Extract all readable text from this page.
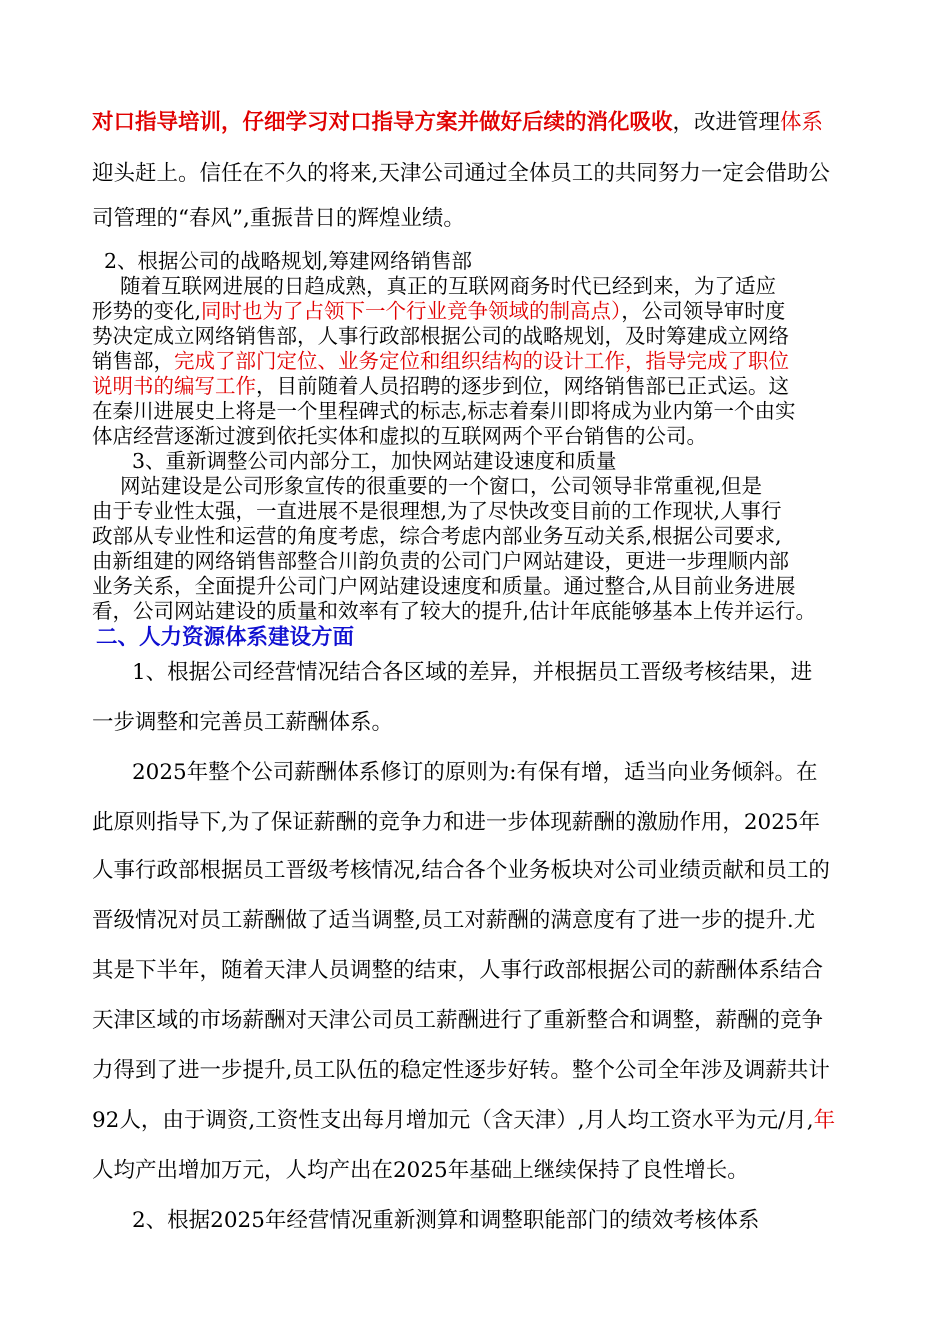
对口指导培训，仔细学习对口指导方案并做好后续的消化吸收，改进管理体系
迎头赶上。信任在不久的将来,天津公司通过全体员工的共同努力一定会借助公
司管理的“春风”,重振昔日的辉煌业绩。
2、根据公司的战略规划,筹建网络销售部
随着互联网进展的日趋成熟，真正的互联网商务时代已经到来，为了适应
形势的变化,同时也为了占领下一个行业竞争领域的制高点），公司领导审时度
势决定成立网络销售部，人事行政部根据公司的战略规划，及时筹建成立网络
销售部，完成了部门定位、业务定位和组织结构的设计工作，指导完成了职位
说明书的编写工作，目前随着人员招聘的逐步到位，网络销售部已正式运。这
在秦川进展史上将是一个里程碑式的标志,标志着秦川即将成为业内第一个由实
体店经营逐渐过渡到依托实体和虚拟的互联网两个平台销售的公司。
3、重新调整公司内部分工，加快网站建设速度和质量
网站建设是公司形象宣传的很重要的一个窗口，公司领导非常重视,但是
由于专业性太强，一直进展不是很理想,为了尽快改变目前的工作现状,人事行
政部从专业性和运营的角度考虑，综合考虑内部业务互动关系,根据公司要求,
由新组建的网络销售部整合川韵负责的公司门户网站建设，更进一步理顺内部
业务关系，全面提升公司门户网站建设速度和质量。通过整合,从目前业务进展
看，公司网站建设的质量和效率有了较大的提升,估计年底能够基本上传并运行。
二、人力资源体系建设方面
1、根据公司经营情况结合各区域的差异，并根据员工晋级考核结果，进
一步调整和完善员工薪酬体系。
2025年整个公司薪酬体系修订的原则为:有保有增，适当向业务倾斜。在
此原则指导下,为了保证薪酬的竞争力和进一步体现薪酬的激励作用，2025年
人事行政部根据员工晋级考核情况,结合各个业务板块对公司业绩贡献和员工的
晋级情况对员工薪酬做了适当调整,员工对薪酬的满意度有了进一步的提升.尤
其是下半年，随着天津人员调整的结束，人事行政部根据公司的薪酬体系结合
天津区域的市场薪酬对天津公司员工薪酬进行了重新整合和调整，薪酬的竞争
力得到了进一步提升,员工队伍的稳定性逐步好转。整个公司全年涉及调薪共计
92人，由于调资,工资性支出每月增加元（含天津）,月人均工资水平为元/月,年
人均产出增加万元，人均产出在2025年基础上继续保持了良性增长。
2、根据2025年经营情况重新测算和调整职能部门的绩效考核体系
